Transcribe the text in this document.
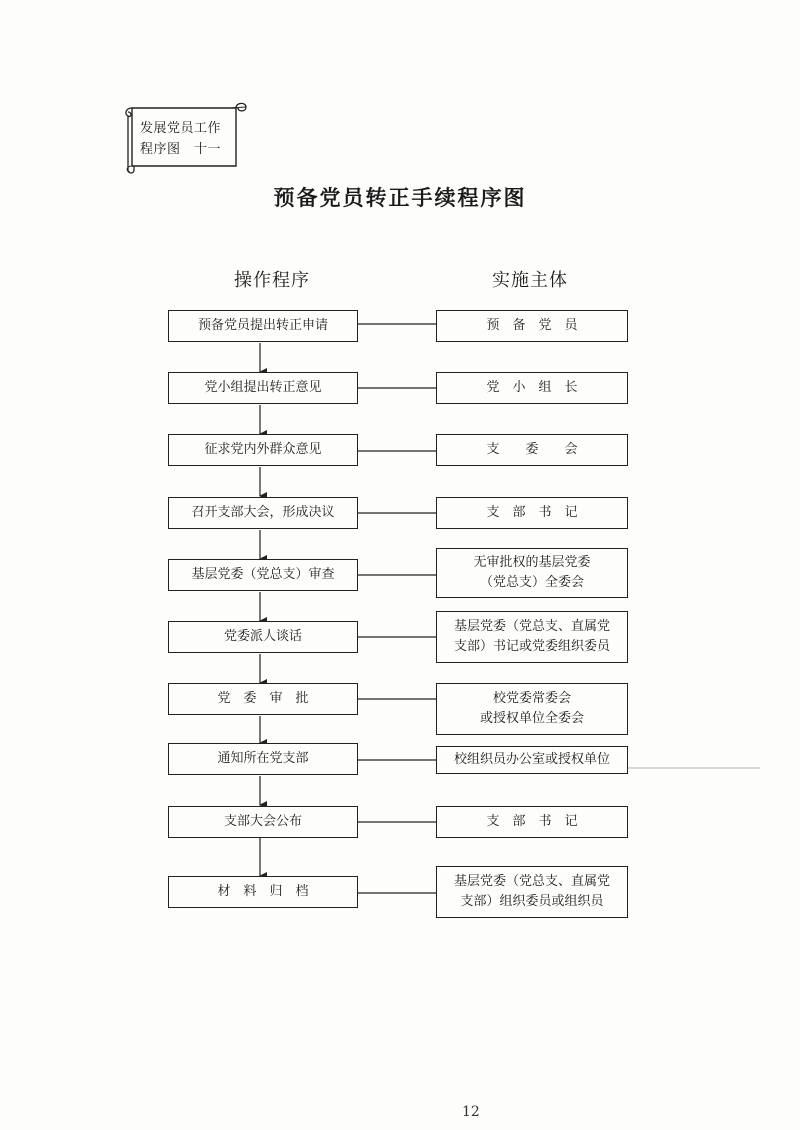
发展党员工作
程序图　十一
预备党员转正手续程序图
操作程序	实施主体
预备党员提出转正申请
党小组提出转正意见
征求党内外群众意见
召开支部大会，形成决议
基层党委（党总支）审查
党委派人谈话
党　委　审　批
通知所在党支部
支部大会公布
材　料　归　档
预　备　党　员
党　小　组　长
支　　委　　会
支　部　书　记
无审批权的基层党委
（党总支）全委会
基层党委（党总支、直属党
支部）书记或党委组织委员
校党委常委会
或授权单位全委会
校组织员办公室或授权单位
支　部　书　记
基层党委（党总支、直属党
支部）组织委员或组织员
12
